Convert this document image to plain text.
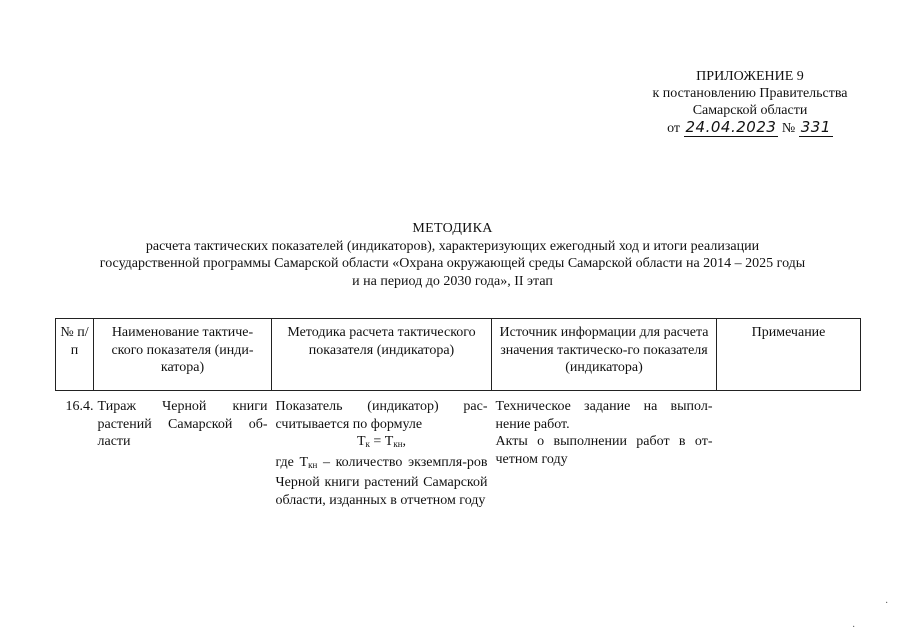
ПРИЛОЖЕНИЕ 9
к постановлению Правительства
Самарской области
от 24.04.2023 № 331
МЕТОДИКА
расчета тактических показателей (индикаторов), характеризующих ежегодный ход и итоги реализации
государственной программы Самарской области «Охрана окружающей среды Самарской области на 2014 – 2025 годы
и на период до 2030 года», II этап
№ п/п	Наименование тактиче-ского показателя (инди-катора)	Методика расчета тактического показателя (индикатора)	Источник информации для расчета значения тактическо-го показателя (индикатора)	Примечание
16.4.	Тираж Черной книги растений Самарской об-ласти	Показатель (индикатор) рас-считывается по формуле
$Т_к = Т_{кн}$,
где $Т_{кн}$ – количество экземпля-ров Черной книги растений Самарской области, изданных в отчетном году	Техническое задание на выпол-нение работ.
Акты о выполнении работ в от-четном году	
·
·
